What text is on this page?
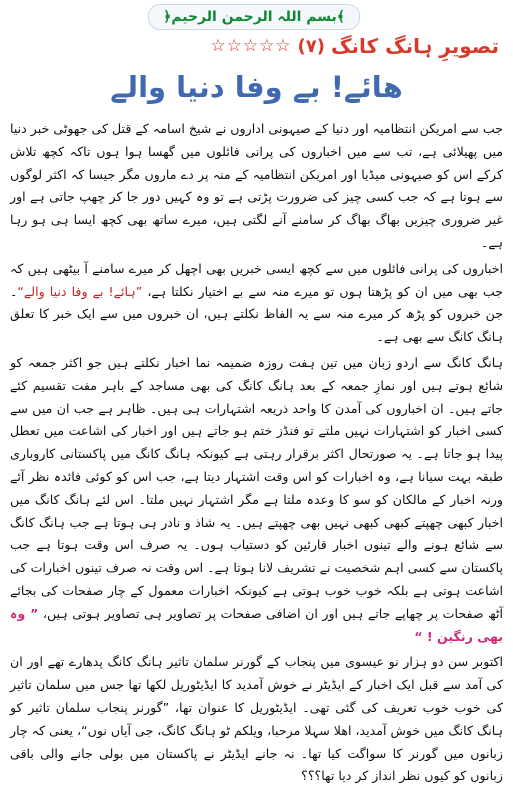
﴾بسم اللہ الرحمن الرحیم﴿
تصویرِ ہانگ کانگ
(۷)
☆☆☆☆☆
ھائے! بے وفا دنیا والے

جب سے امریکن انتظامیہ اور دنیا کے صیہونی اداروں نے شیخ اسامہ کے قتل کی جھوٹی خبر دنیا میں پھیلائی ہے، تب سے میں اخباروں کی پرانی فائلوں میں گھسا ہوا ہوں تاکہ کچھ تلاش کرکے اس کو صیہونی میڈیا اور امریکن انتظامیہ کے منہ پر دے ماروں مگر جیسا کہ اکثر لوگوں سے ہوتا ہے کہ جب کسی چیز کی ضرورت پڑتی ہے تو وہ کہیں دور جا کر چھپ جاتی ہے اور غیر ضروری چیزیں بھاگ بھاگ کر سامنے آنے لگتی ہیں، میرے ساتھ بھی کچھ ایسا ہی ہو رہا ہے۔

اخباروں کی پرانی فائلوں میں سے کچھ ایسی خبریں بھی اچھل کر میرے سامنے آ بیٹھی ہیں کہ جب بھی میں ان کو پڑھتا ہوں تو میرے منہ سے بے اختیار نکلتا ہے، ”ہائے! بے وفا دنیا والے“۔ جن خبروں کو پڑھ کر میرے منہ سے یہ الفاظ نکلتے ہیں، ان خبروں میں سے ایک خبر کا تعلق ہانگ کانگ سے بھی ہے۔

ہانگ کانگ سے اردو زبان میں تین ہفت روزہ ضمیمہ نما اخبار نکلتے ہیں جو اکثر جمعہ کو شائع ہوتے ہیں اور نمازِ جمعہ کے بعد ہانگ کانگ کی بھی مساجد کے باہر مفت تقسیم کئے جاتے ہیں۔ ان اخباروں کی آمدن کا واحد ذریعہ اشتہارات ہی ہیں۔ ظاہر ہے جب ان میں سے کسی اخبار کو اشتہارات نہیں ملتے تو فنڈز ختم ہو جاتے ہیں اور اخبار کی اشاعت میں تعطل پیدا ہو جاتا ہے۔ یہ صورتحال اکثر برقرار رہتی ہے کیونکہ ہانگ کانگ میں پاکستانی کاروباری طبقہ بہت سیانا ہے، وہ اخبارات کو اس وقت اشتہار دیتا ہے، جب اس کو کوئی فائدہ نظر آئے ورنہ اخبار کے مالکان کو سو کا وعدہ ملتا ہے مگر اشتہار نہیں ملتا۔ اس لئے ہانگ کانگ میں اخبار کبھی چھپتے کبھی کبھی نہیں بھی چھپتے ہیں۔ یہ شاذ و نادر ہی ہوتا ہے جب ہانگ کانگ سے شائع ہونے والے تینوں اخبار قارئین کو دستیاب ہوں۔ یہ صرف اس وقت ہوتا ہے جب پاکستان سے کسی اہم شخصیت نے تشریف لانا ہوتا ہے۔ اس وقت نہ صرف تینوں اخبارات کی اشاعت ہوتی ہے بلکہ خوب خوب ہوتی ہے کیونکہ اخبارات معمول کے چار صفحات کی بجائے آٹھ صفحات پر چھاپے جاتے ہیں اور ان اضافی صفحات پر تصاویر ہی تصاویر ہوتی ہیں، ” وہ بھی رنگین ! “

اکتوبر سن دو ہزار نو عیسوی میں پنجاب کے گورنر سلمان تاثیر ہانگ کانگ پدھارے تھے اور ان کی آمد سے قبل ایک اخبار کے ایڈیٹر نے خوش آمدید کا ایڈیٹوریل لکھا تھا جس میں سلمان تاثیر کی خوب خوب تعریف کی گئی تھی۔ ایڈیٹوریل کا عنوان تھا، ”گورنر پنجاب سلمان تاثیر کو ہانگ کانگ میں خوش آمدید، اھلا سہلا مرحبا، ویلکم ٹو ہانگ کانگ، جی آیاں نوں“، یعنی کہ چار زبانوں میں گورنر کا سواگت کیا تھا۔ نہ جانے ایڈیٹر نے پاکستان میں بولی جانے والی باقی زبانوں کو کیوں نظر انداز کر دیا تھا؟؟؟
